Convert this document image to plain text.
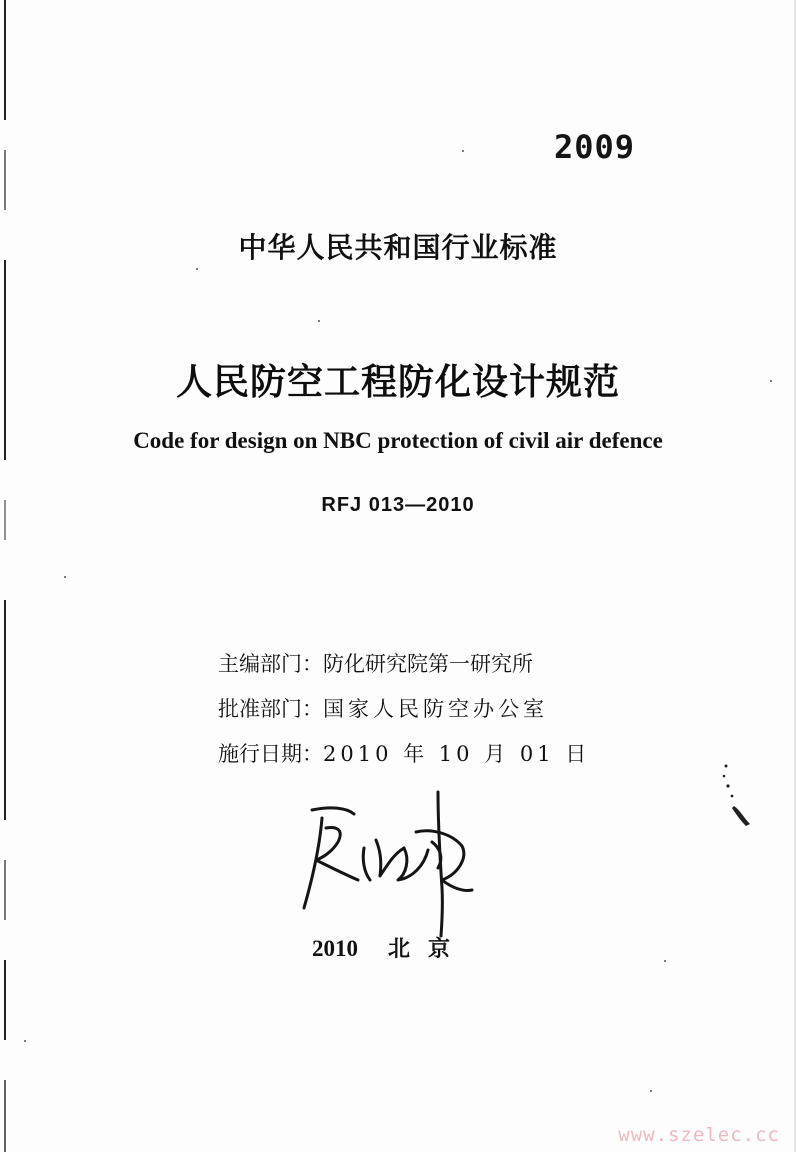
2009
中华人民共和国行业标准
人民防空工程防化设计规范
Code for design on NBC protection of civil air defence
RFJ 013—2010
主编部门：防化研究院第一研究所
批准部门：国家人民防空办公室
施行日期：2010 年 10 月 01 日
2010 北京
www.szelec.cc
